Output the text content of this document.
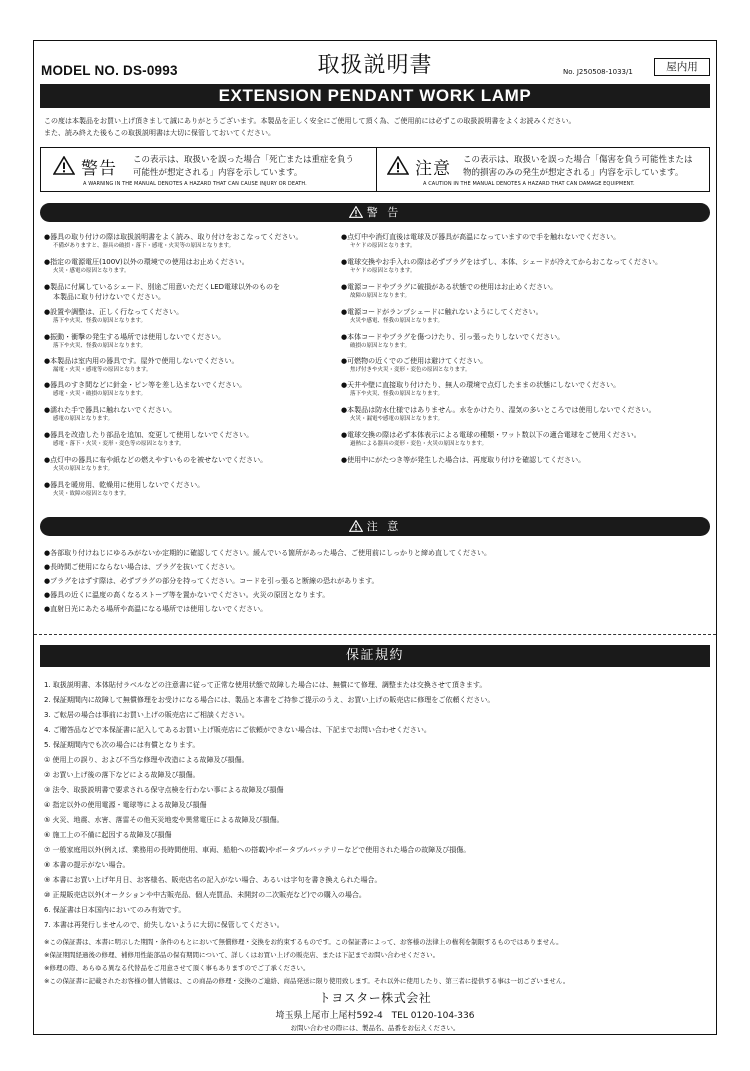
MODEL NO. DS-0993	取扱説明書	No. J250508-1033/1	屋内用
EXTENSION PENDANT WORK LAMP
この度は本製品をお買い上げ頂きまして誠にありがとうございます。本製品を正しく安全にご使用して頂く為、ご使用前には必ずこの取扱説明書をよくお読みください。
また、読み終えた後もこの取扱説明書は大切に保管しておいてください。
警告 この表示は、取扱いを誤った場合「死亡または重症を負う
可能性が想定される」内容を示しています。
A WARNING IN THE MANUAL DENOTES A HAZARD THAT CAN CAUSE INJURY OR DEATH.
注意 この表示は、取扱いを誤った場合「傷害を負う可能性または
物的損害のみの発生が想定される」内容を示しています。
A CAUTION IN THE MANUAL DENOTES A HAZARD THAT CAN DAMAGE EQUIPMENT.
警 告
●器具の取り付けの際は取扱説明書をよく読み、取り付けをおこなってください。
不備がありますと、器具の破損・落下・感電・火災等の原因となります。
●指定の電源電圧(100V)以外の環境での使用はお止めください。
火災・感電の原因となります。
●製品に付属しているシェード、別途ご用意いただくLED電球以外のものを
本製品に取り付けないでください。
●設置や調整は、正しく行なってください。
落下や火災、怪我の原因となります。
●振動・衝撃の発生する場所では使用しないでください。
落下や火災、怪我の原因となります。
●本製品は室内用の器具です。屋外で使用しないでください。
漏電・火災・感電等の原因となります。
●器具のすき間などに針金・ピン等を差し込まないでください。
感電・火災・破損の原因となります。
●濡れた手で器具に触れないでください。
感電の原因となります。
●器具を改造したり部品を追加、変更して使用しないでください。
感電・落下・火災・変形・変色等の原因となります。
●点灯中の器具に布や紙などの燃えやすいものを被せないでください。
火災の原因となります。
●器具を暖房用、乾燥用に使用しないでください。
火災・故障の原因となります。
●点灯中や消灯直後は電球及び器具が高温になっていますので手を触れないでください。
ヤケドの原因となります。
●電球交換やお手入れの際は必ずプラグをはずし、本体、シェードが冷えてからおこなってください。
ヤケドの原因となります。
●電源コードやプラグに破損がある状態での使用はお止めください。
故障の原因となります。
●電源コードがランプシェードに触れないようにしてください。
火災や感電、怪我の原因となります。
●本体コードやプラグを傷つけたり、引っ張ったりしないでください。
破損の原因となります。
●可燃物の近くでのご使用は避けてください。
焦げ付きや火災・変形・変色の原因となります。
●天井や壁に直接取り付けたり、無人の環境で点灯したままの状態にしないでください。
落下や火災、怪我の原因となります。
●本製品は防水仕様ではありません。水をかけたり、湿気の多いところでは使用しないでください。
火災・漏電や感電の原因となります。
●電球交換の際は必ず本体表示による電球の種類・ワット数以下の適合電球をご使用ください。
過熱による器具の変形・変色・火災の原因となります。
●使用中にがたつき等が発生した場合は、再度取り付けを確認してください。
注 意
●各部取り付けねじにゆるみがないか定期的に確認してください。緩んでいる箇所があった場合、ご使用前にしっかりと締め直してください。
●長時間ご使用にならない場合は、プラグを抜いてください。
●プラグをはずす際は、必ずプラグの部分を持ってください。コードを引っ張ると断線の恐れがあります。
●器具の近くに温度の高くなるストーブ等を置かないでください。火災の原因となります。
●直射日光にあたる場所や高温になる場所では使用しないでください。
保証規約
1. 取扱説明書、本体貼付ラベルなどの注意書に従って正常な使用状態で故障した場合には、無償にて修理、調整または交換させて頂きます。
2. 保証期間内に故障して無償修理をお受けになる場合には、製品と本書をご持参ご提示のうえ、お買い上げの販売店に修理をご依頼ください。
3. ご転居の場合は事前にお買い上げの販売店にご相談ください。
4. ご贈答品などで本保証書に記入してあるお買い上げ販売店にご依頼ができない場合は、下記までお問い合わせください。
5. 保証期間内でも次の場合には有償となります。
① 使用上の誤り、および不当な修理や改造による故障及び損傷。
② お買い上げ後の落下などによる故障及び損傷。
③ 法令、取扱説明書で要求される保守点検を行わない事による故障及び損傷
④ 指定以外の使用電源・電球等による故障及び損傷
⑤ 火災、地震、水害、落雷その他天災地変や異常電圧による故障及び損傷。
⑥ 施工上の不備に起因する故障及び損傷
⑦ 一般家庭用以外(例えば、業務用の長時間使用、車両、船舶への搭載)やポータブルバッテリーなどで使用された場合の故障及び損傷。
⑧ 本書の提示がない場合。
⑨ 本書にお買い上げ年月日、お客様名、販売店名の記入がない場合、あるいは字句を書き換えられた場合。
⑩ 正規販売店以外(オークションや中古販売品、個人売買品、未開封の二次販売など)での購入の場合。
6. 保証書は日本国内においてのみ有効です。
7. 本書は再発行しませんので、紛失しないように大切に保管してください。
※この保証書は、本書に明示した期間・条件のもとにおいて無償修理・交換をお約束するものです。この保証書によって、お客様の法律上の権利を制限するものではありません。
※保証期間経過後の修理、補修用性能部品の保有期間について、詳しくはお買い上げの販売店、または下記までお問い合わせください。
※修理の際、あらゆる異なる代替品をご用意させて頂く事もありますのでご了承ください。
※この保証書に記載されたお客様の個人情報は、この商品の修理・交換のご連絡、商品発送に限り使用致します。それ以外に使用したり、第三者に提供する事は一切ございません。
トヨスター株式会社
埼玉県上尾市上尾村592-4　TEL 0120-104-336
お問い合わせの際には、製品名、品番をお伝えください。
